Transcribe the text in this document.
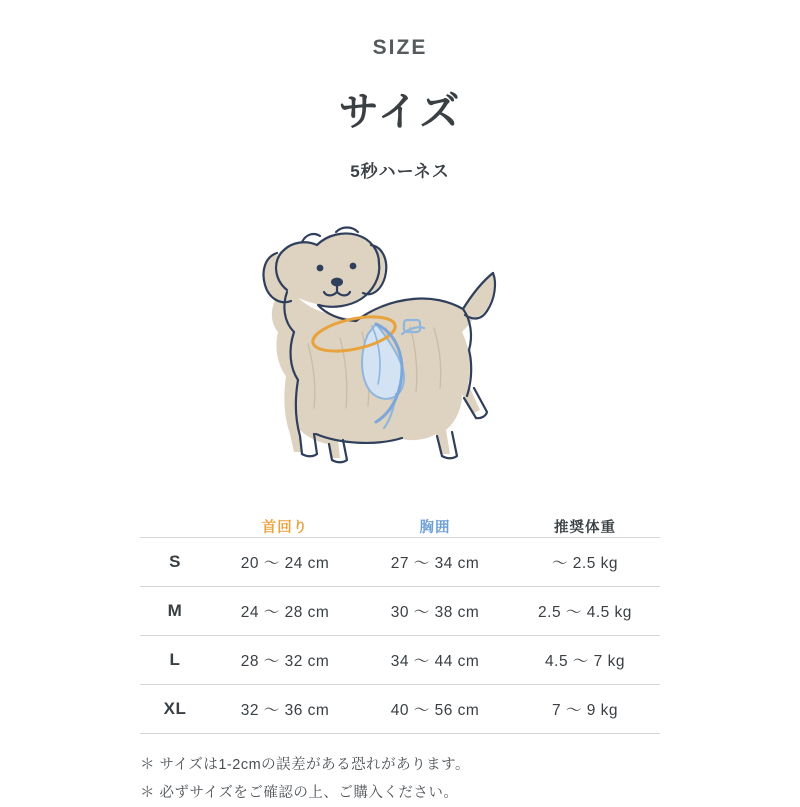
SIZE
サイズ
5秒ハーネス
	首回り	胸囲	推奨体重
S	20 ～ 24 cm	27 ～ 34 cm	～ 2.5 kg
M	24 ～ 28 cm	30 ～ 38 cm	2.5 ～ 4.5 kg
L	28 ～ 32 cm	34 ～ 44 cm	4.5 ～ 7 kg
XL	32 ～ 36 cm	40 ～ 56 cm	7 ～ 9 kg
＊ サイズは1-2cmの誤差がある恐れがあります。
＊ 必ずサイズをご確認の上、ご購入ください。
